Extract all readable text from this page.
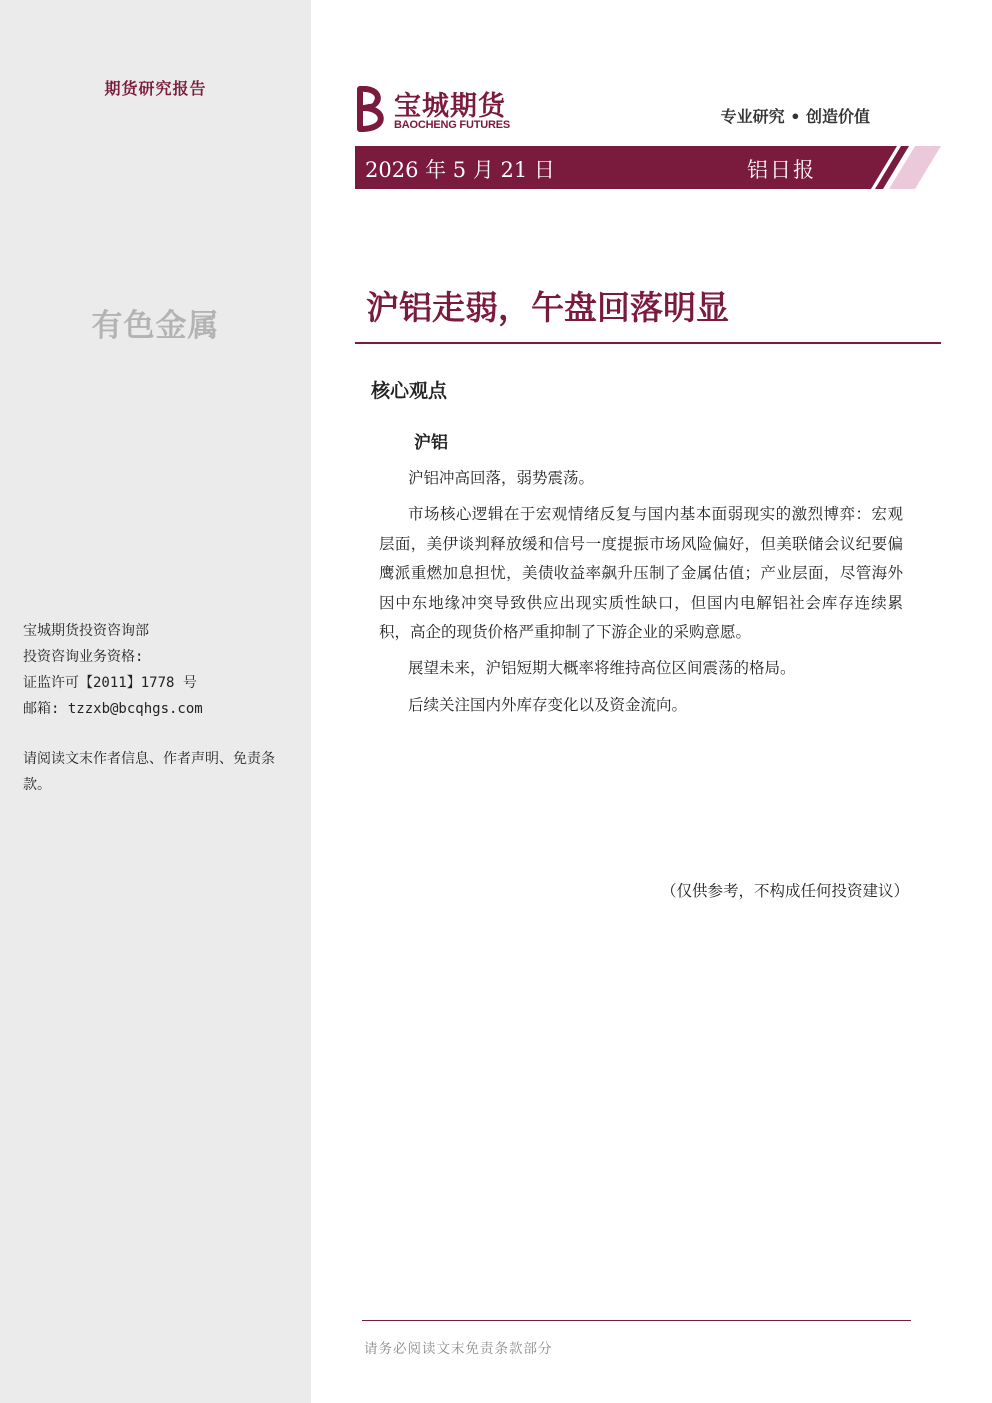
期货研究报告
有色金属
宝城期货投资咨询部
投资咨询业务资格:
证监许可【2011】1778 号
邮箱: tzzxb@bcqhgs.com
请阅读文末作者信息、作者声明、免责条款。
宝城期货
BAOCHENG FUTURES	专业研究 • 创造价值
2026 年 5 月 21 日	铝日报
沪铝走弱，午盘回落明显
核心观点
沪铝

沪铝冲高回落，弱势震荡。

市场核心逻辑在于宏观情绪反复与国内基本面弱现实的激烈博弈：宏观层面，美伊谈判释放缓和信号一度提振市场风险偏好，但美联储会议纪要偏鹰派重燃加息担忧，美债收益率飙升压制了金属估值；产业层面，尽管海外因中东地缘冲突导致供应出现实质性缺口，但国内电解铝社会库存连续累积，高企的现货价格严重抑制了下游企业的采购意愿。

展望未来，沪铝短期大概率将维持高位区间震荡的格局。

后续关注国内外库存变化以及资金流向。

（仅供参考，不构成任何投资建议）
请务必阅读文末免责条款部分
